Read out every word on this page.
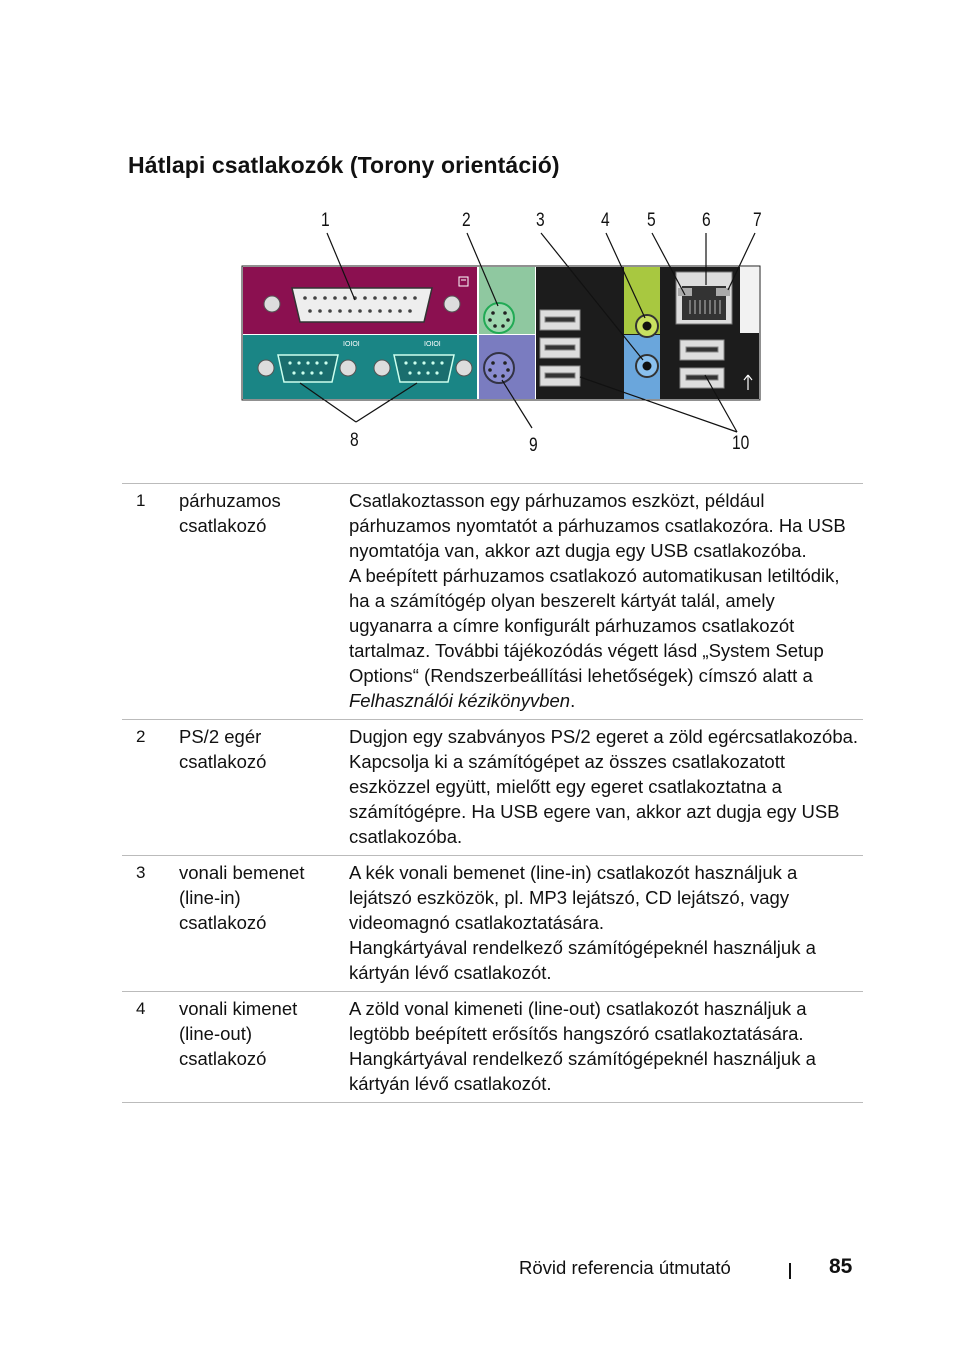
Hátlapi csatlakozók (Torony orientáció)
1	2	3	4 5 6 7
8	9	10
IOIOI	IOIOI
1	párhuzamos
csatlakozó

Csatlakoztasson egy párhuzamos eszközt, például párhuzamos nyomtatót a párhuzamos csatlakozóra. Ha USB nyomtatója van, akkor azt dugja egy USB csatlakozóba.

A beépített párhuzamos csatlakozó automatikusan letiltódik, ha a számítógép olyan beszerelt kártyát talál, amely ugyanarra a címre konfigurált párhuzamos csatlakozót tartalmaz. További tájékozódás végett lásd „System Setup Options“ (Rendszerbeállítási lehetőségek) címszó alatt a Felhasználói kézikönyvben.

2	PS/2 egér
csatlakozó

Dugjon egy szabványos PS/2 egeret a zöld egércsatlakozóba. Kapcsolja ki a számítógépet az összes csatlakozatott eszközzel együtt, mielőtt egy egeret csatlakoztatna a számítógépre. Ha USB egere van, akkor azt dugja egy USB csatlakozóba.

3	vonali bemenet
(line-in)
csatlakozó

A kék vonali bemenet (line-in) csatlakozót használjuk a lejátszó eszközök, pl. MP3 lejátszó, CD lejátszó, vagy videomagnó csatlakoztatására.

Hangkártyával rendelkező számítógépeknél használjuk a kártyán lévő csatlakozót.

4	vonali kimenet
(line-out)
csatlakozó

A zöld vonal kimeneti (line-out) csatlakozót használjuk a legtöbb beépített erősítős hangszóró csatlakoztatására.

Hangkártyával rendelkező számítógépeknél használjuk a kártyán lévő csatlakozót.

Rövid referencia útmutató	85
